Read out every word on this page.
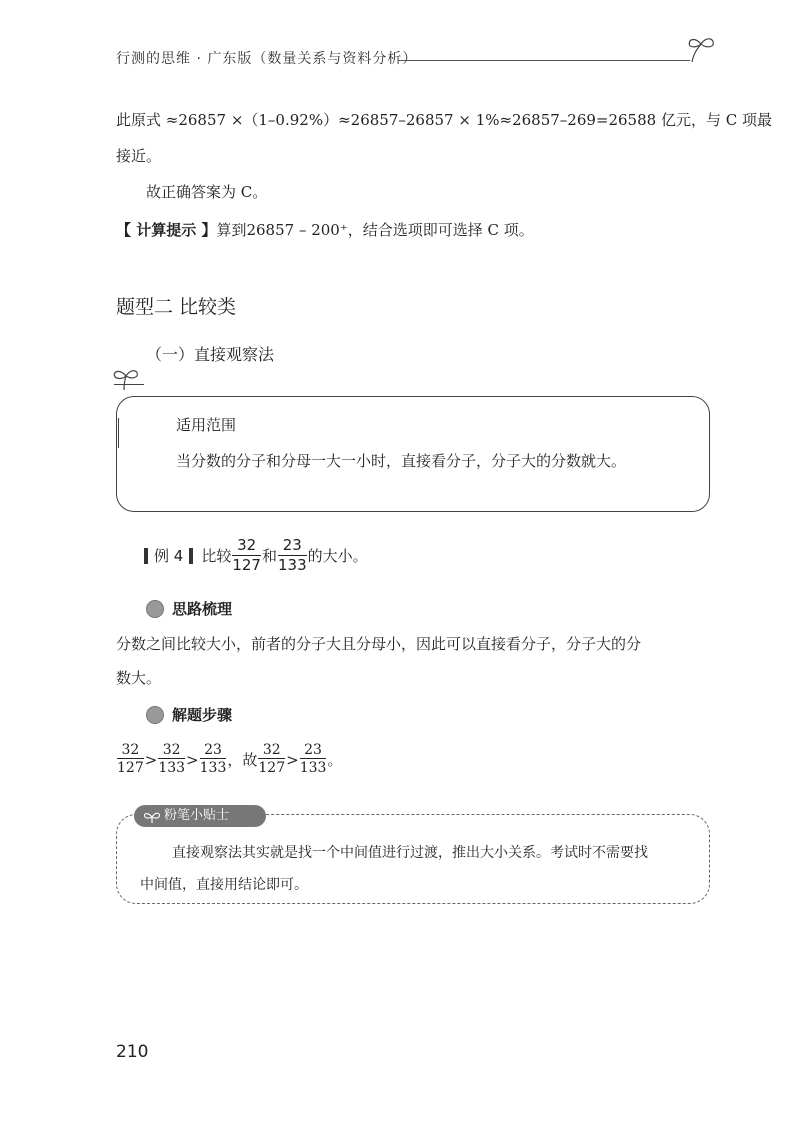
行测的思维 · 广东版（数量关系与资料分析）
此原式 ≈26857 ×（1–0.92%）≈26857–26857 × 1%≈26857–269=26588 亿元，与 C 项最
接近。
故正确答案为 C。
【 计算提示 】算到26857 – 200⁺，结合选项即可选择 C 项。
题型二 比较类
（一）直接观察法
适用范围
当分数的分子和分母一大一小时，直接看分子，分子大的分数就大。
例 4 比较 $\frac{32}{127}$ 和 $\frac{23}{133}$ 的大小。
思路梳理
分数之间比较大小，前者的分子大且分母小，因此可以直接看分子，分子大的分
数大。
解题步骤
$\frac{32}{127} > \frac{32}{133} > \frac{23}{133}$ ，故 $\frac{32}{127} > \frac{23}{133}$ 。
粉笔小贴士
直接观察法其实就是找一个中间值进行过渡，推出大小关系。考试时不需要找
中间值，直接用结论即可。
210
